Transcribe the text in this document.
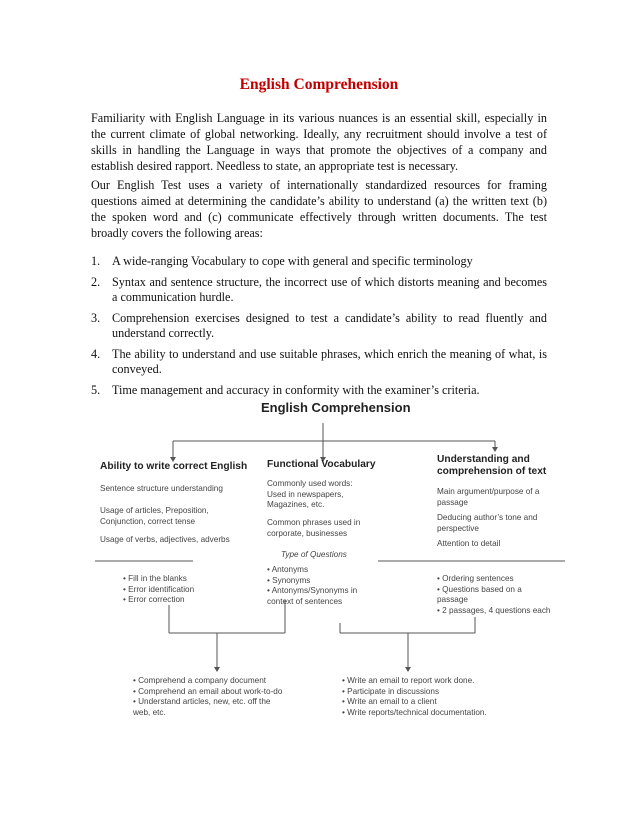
English Comprehension

Familiarity with English Language in its various nuances is an essential skill, especially in the current climate of global networking. Ideally, any recruitment should involve a test of skills in handling the Language in ways that promote the objectives of a company and establish desired rapport. Needless to state, an appropriate test is necessary.

Our English Test uses a variety of internationally standardized resources for framing questions aimed at determining the candidate’s ability to understand (a) the written text (b) the spoken word and (c) communicate effectively through written documents. The test broadly covers the following areas:

1. A wide-ranging Vocabulary to cope with general and specific terminology
2. Syntax and sentence structure, the incorrect use of which distorts meaning and becomes a communication hurdle.
3. Comprehension exercises designed to test a candidate’s ability to read fluently and understand correctly.
4. The ability to understand and use suitable phrases, which enrich the meaning of what, is conveyed.
5. Time management and accuracy in conformity with the examiner’s criteria.
English Comprehension
Ability to write correct English Functional Vocabulary	Understanding and
comprehension of text
Sentence structure understanding
Usage of articles, Preposition,
Conjunction, correct tense
Usage of verbs, adjectives, adverbs
Commonly used words:
Used in newspapers,
Magazines, etc.
Common phrases used in
corporate, businesses
Main argument/purpose of a
passage
Deducing author’s tone and
perspective
Attention to detail
Type of Questions
• Fill in the blanks
• Error identification
• Error correction
• Antonyms
• Synonyms
• Antonyms/Synonyms in
context of sentences
• Ordering sentences
• Questions based on a
passage
• 2 passages, 4 questions each
• Comprehend a company document
• Comprehend an email about work-to-do
• Understand articles, new, etc. off the
web, etc.
• Write an email to report work done.
• Participate in discussions
• Write an email to a client
• Write reports/technical documentation.
